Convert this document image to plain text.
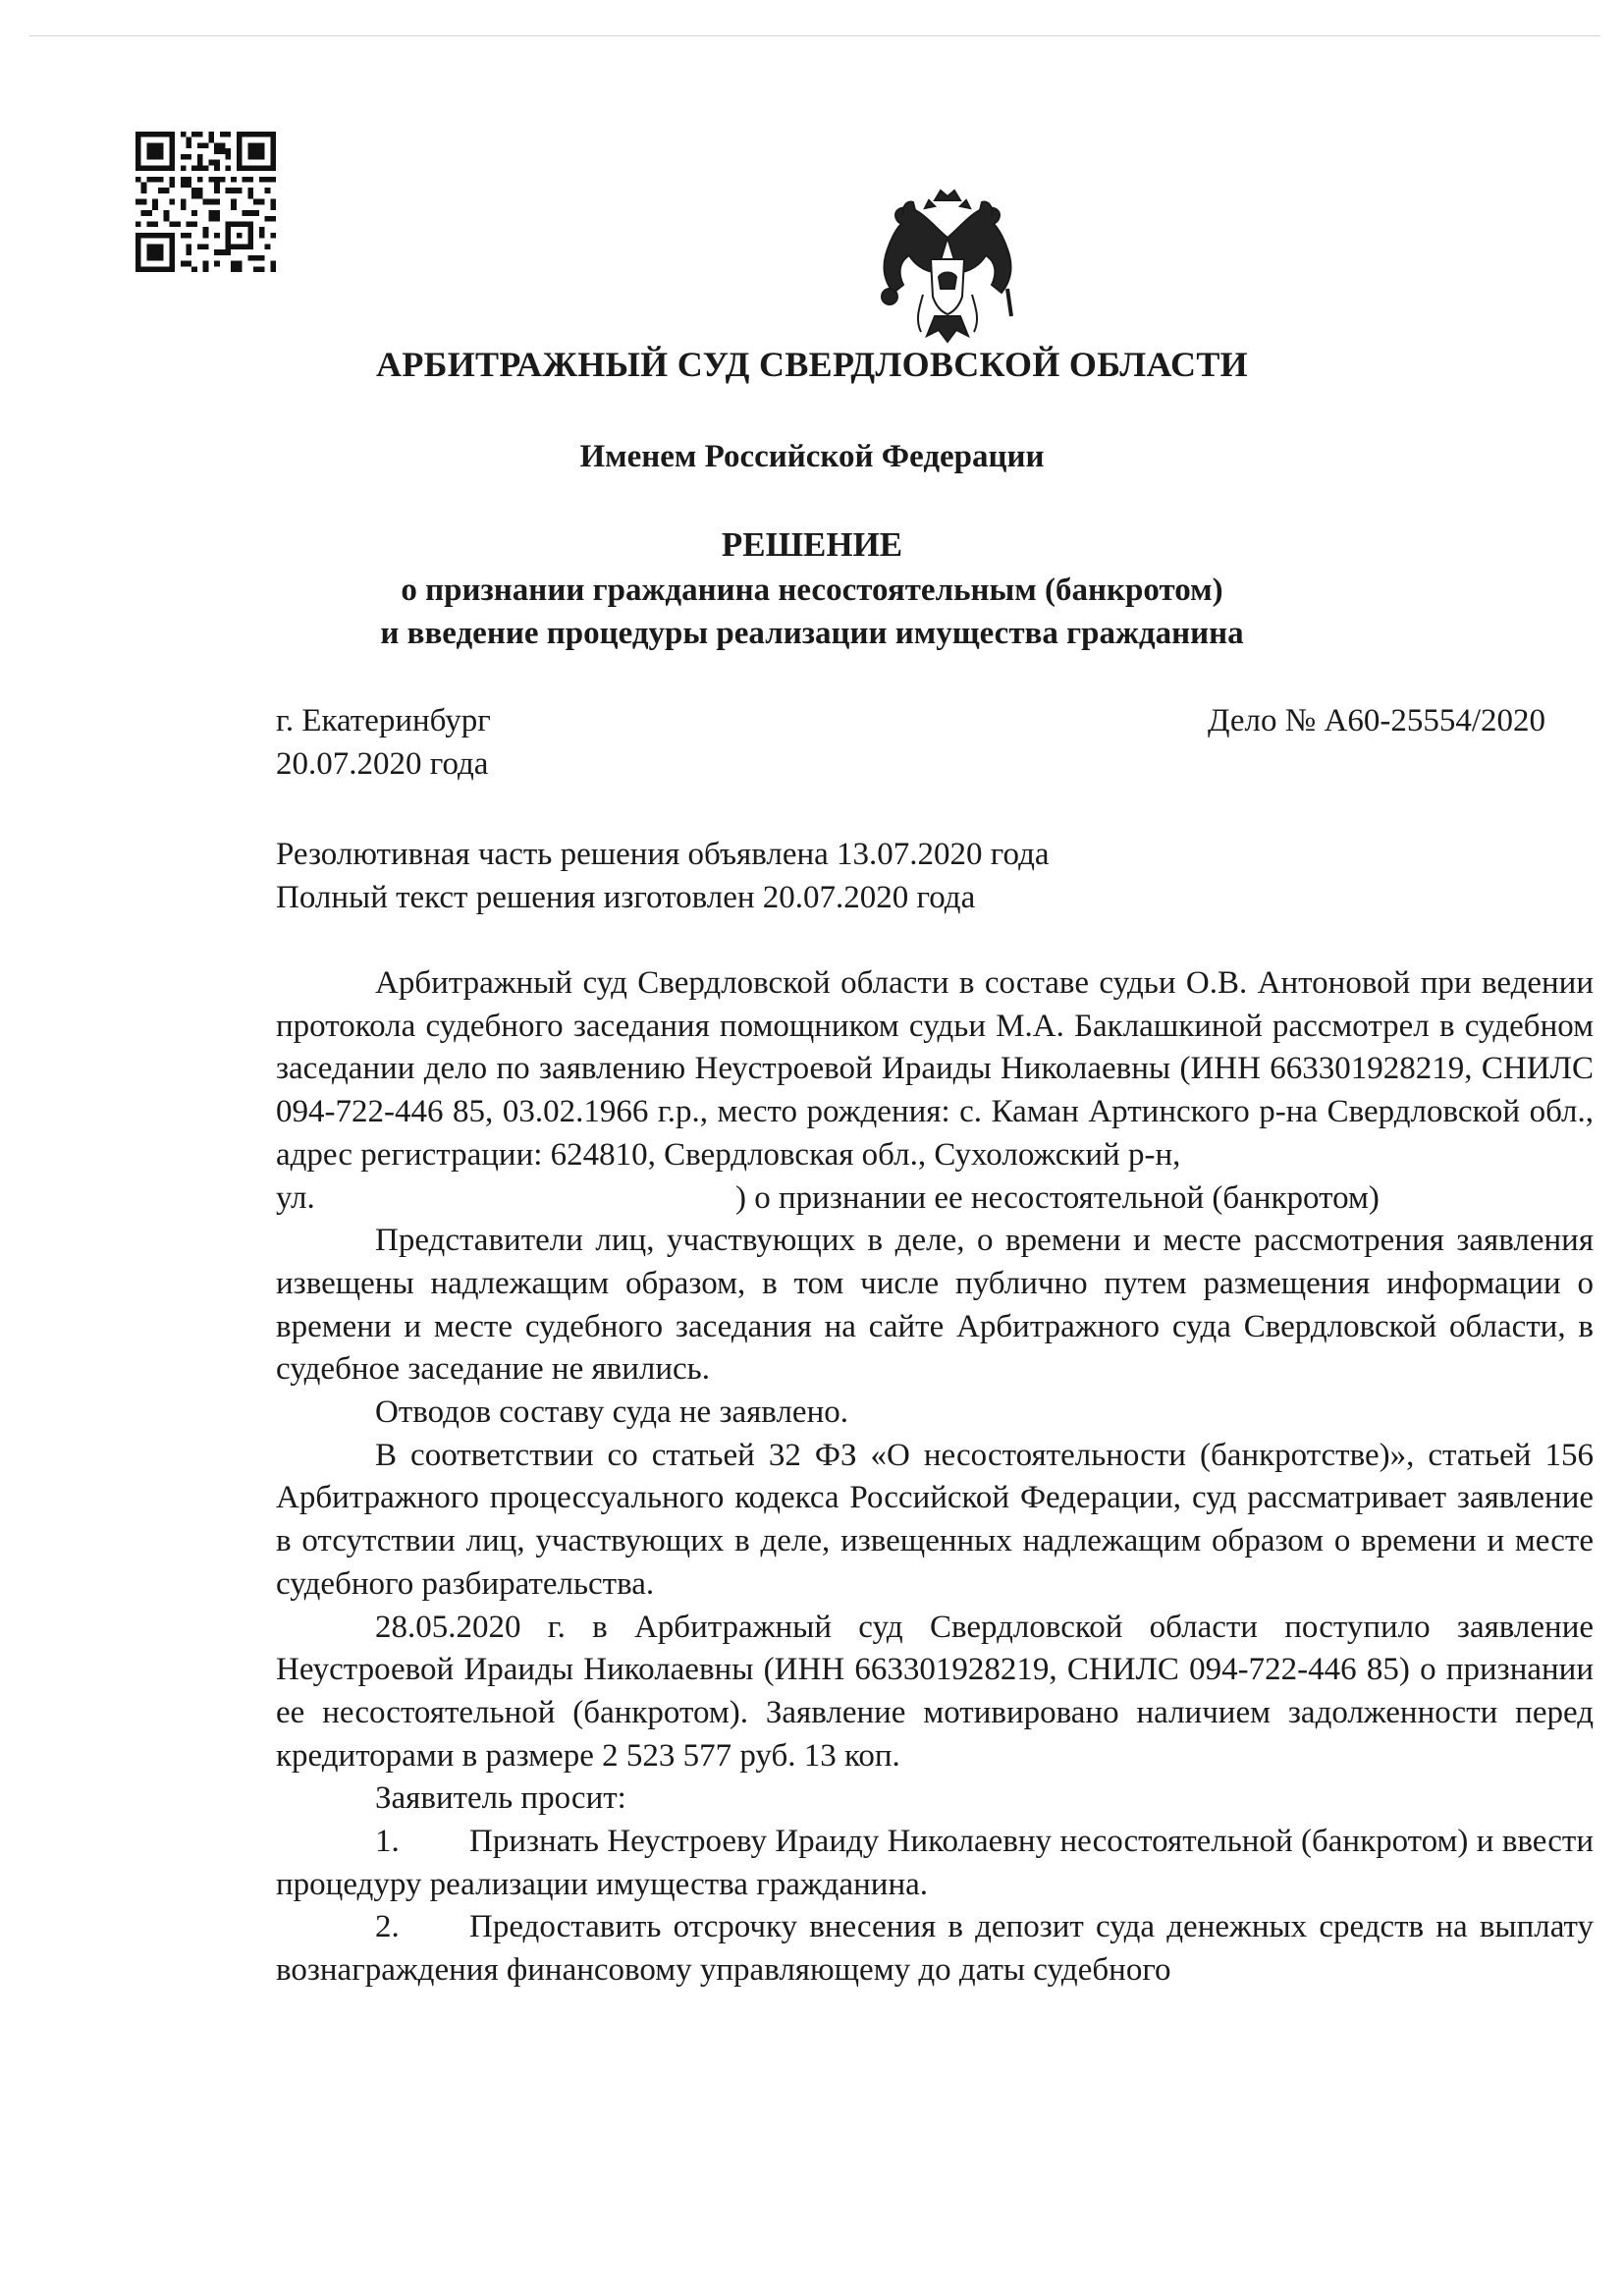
АРБИТРАЖНЫЙ СУД СВЕРДЛОВСКОЙ ОБЛАСТИ
Именем Российской Федерации
РЕШЕНИЕ
о признании гражданина несостоятельным (банкротом)
и введение процедуры реализации имущества гражданина
г. Екатеринбург
20.07.2020 года
Дело № А60-25554/2020
Резолютивная часть решения объявлена 13.07.2020 года
Полный текст решения изготовлен 20.07.2020 года

Арбитражный суд Свердловской области в составе судьи О.В. Антоновой при ведении протокола судебного заседания помощником судьи М.А. Баклашкиной рассмотрел в судебном заседании дело по заявлению Неустроевой Ираиды Николаевны (ИНН 663301928219, СНИЛС 094-722-446 85, 03.02.1966 г.р., место рождения: с. Каман Артинского р-на Свердловской обл., адрес регистрации: 624810, Свердловская обл., Сухоложский р-н,
ул.	) о признании ее несостоятельной (банкротом)

Представители лиц, участвующих в деле, о времени и месте рассмотрения заявления извещены надлежащим образом, в том числе публично путем размещения информации о времени и месте судебного заседания на сайте Арбитражного суда Свердловской области, в судебное заседание не явились.

Отводов составу суда не заявлено.

В соответствии со статьей 32 ФЗ «О несостоятельности (банкротстве)», статьей 156 Арбитражного процессуального кодекса Российской Федерации, суд рассматривает заявление в отсутствии лиц, участвующих в деле, извещенных надлежащим образом о времени и месте судебного разбирательства.

28.05.2020 г. в Арбитражный суд Свердловской области поступило заявление Неустроевой Ираиды Николаевны (ИНН 663301928219, СНИЛС 094-722-446 85) о признании ее несостоятельной (банкротом). Заявление мотивировано наличием задолженности перед кредиторами в размере 2 523 577 руб. 13 коп.

Заявитель просит:

1. Признать Неустроеву Ираиду Николаевну несостоятельной (банкротом) и ввести процедуру реализации имущества гражданина.

2. Предоставить отсрочку внесения в депозит суда денежных средств на выплату вознаграждения финансовому управляющему до даты судебного
